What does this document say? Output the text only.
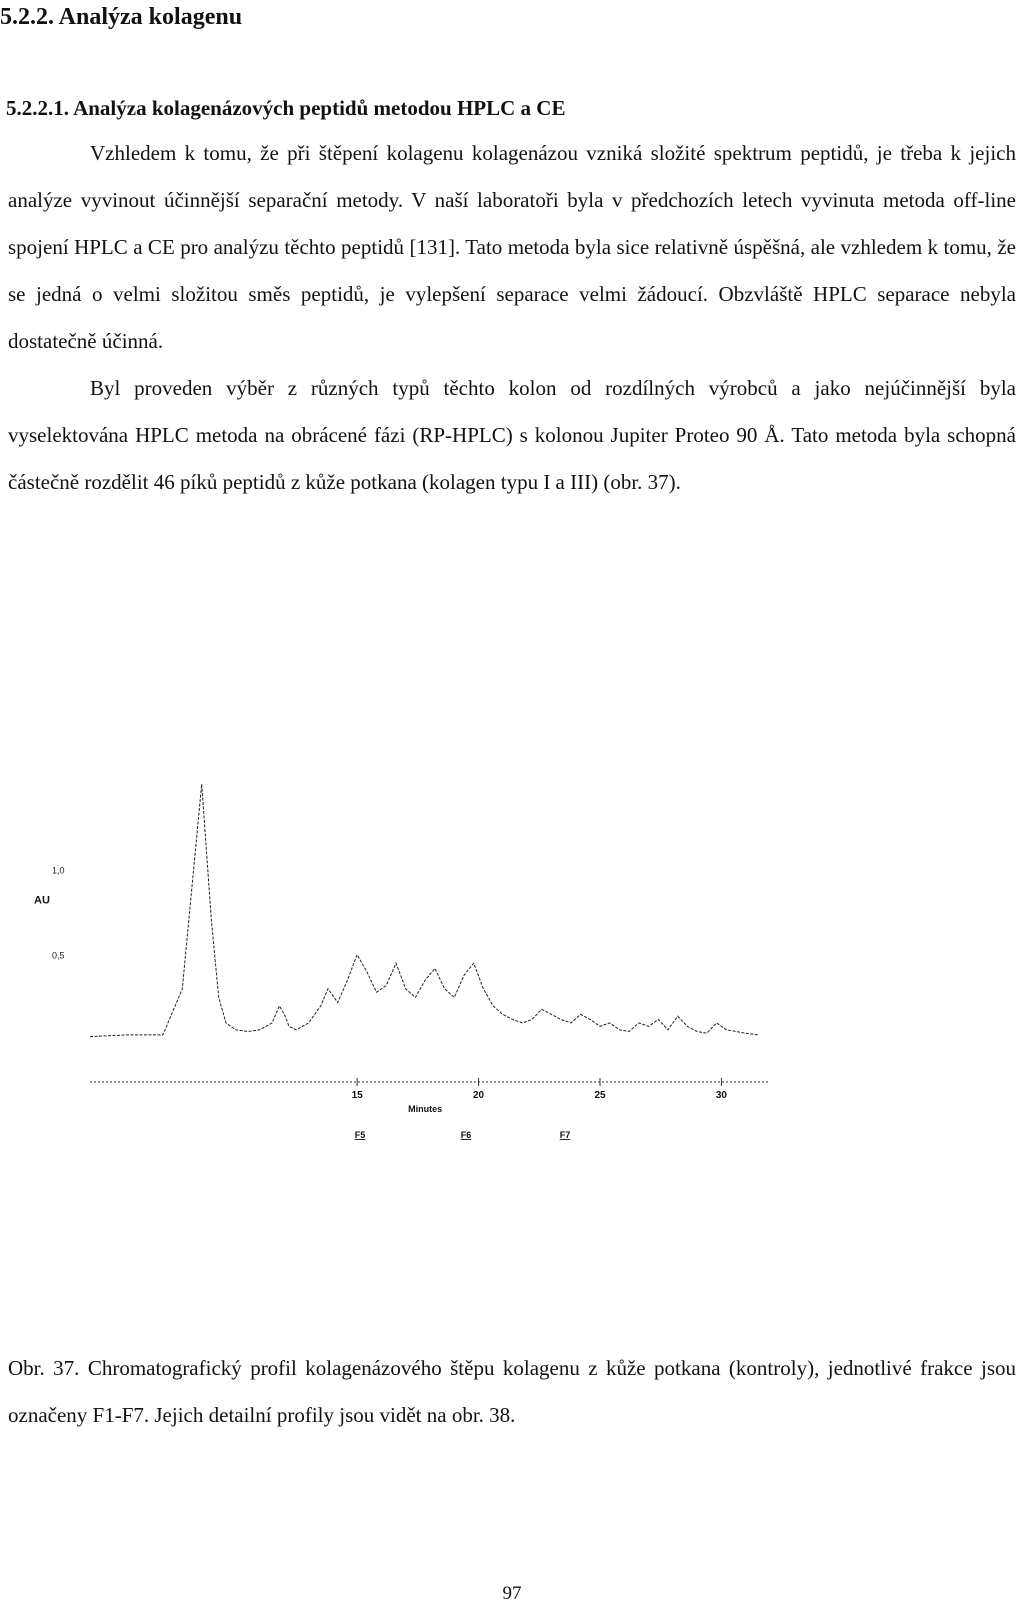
5.2.2. Analýza kolagenu
5.2.2.1. Analýza kolagenázových peptidů metodou HPLC a CE

Vzhledem k tomu, že při štěpení kolagenu kolagenázou vzniká složité spektrum peptidů, je třeba k jejich analýze vyvinout účinnější separační metody. V naší laboratoři byla v předchozích letech vyvinuta metoda off-line spojení HPLC a CE pro analýzu těchto peptidů [131]. Tato metoda byla sice relativně úspěšná, ale vzhledem k tomu, že se jedná o velmi složitou směs peptidů, je vylepšení separace velmi žádoucí. Obzvláště HPLC separace nebyla dostatečně účinná.

Byl proveden výběr z různých typů těchto kolon od rozdílných výrobců a jako nejúčinnější byla vyselektována HPLC metoda na obrácené fázi (RP-HPLC) s kolonou Jupiter Proteo 90 Å. Tato metoda byla schopná částečně rozdělit 46 píků peptidů z kůže potkana (kolagen typu I a III) (obr. 37).

1,0
0,5
AU
15	20	25	30
Minutes
F5	F6	F7

Obr. 37. Chromatografický profil kolagenázového štěpu kolagenu z kůže potkana (kontroly), jednotlivé frakce jsou označeny F1-F7. Jejich detailní profily jsou vidět na obr. 38.

97
